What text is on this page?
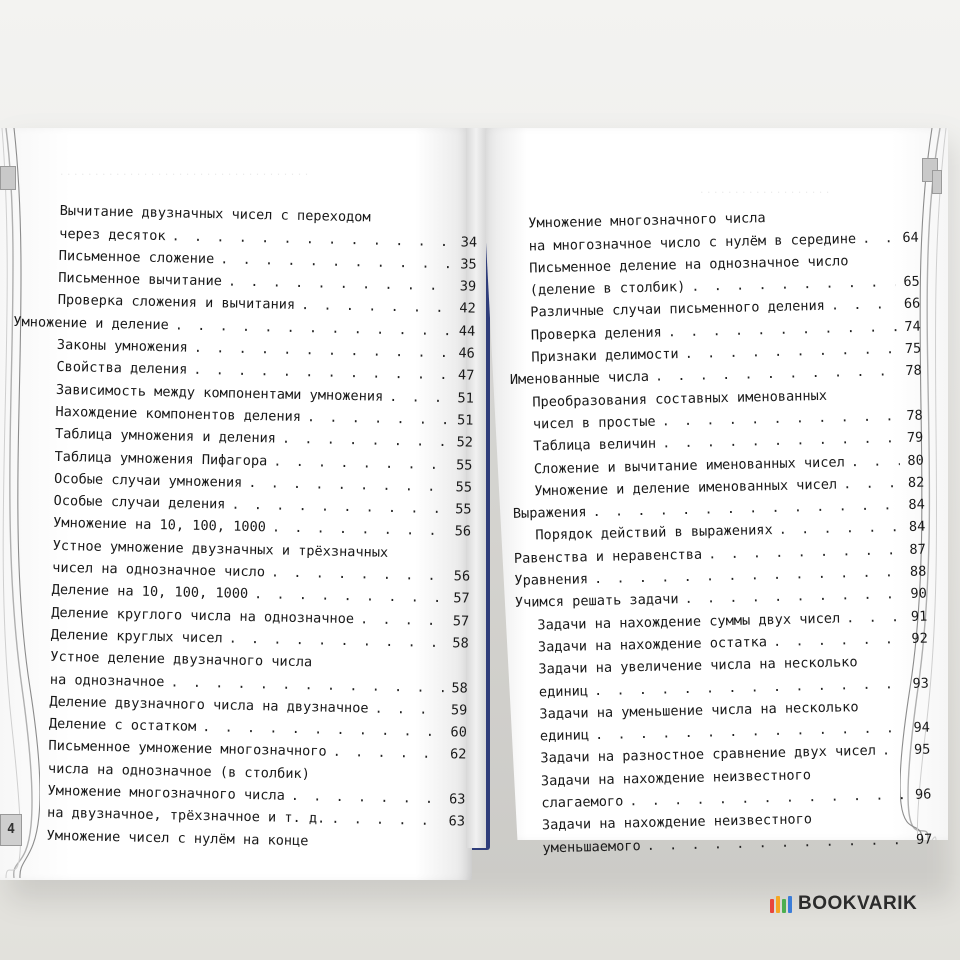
· · · · · · · · · · · · · · · · · · · · · · · · · · · · · · · · · · · ·
· · · · · · · · · · · · · · · · · · ·
4
Вычитание двузначных чисел с переходом
через десяток . . .	34
Письменное сложение . . .	35
Письменное вычитание . . .	39
Проверка сложения и вычитания . . .	42
Умножение и деление . . .	44
Законы умножения . . .	46
Свойства деления . . .	47
Зависимость между компонентами умножения . . .	51
Нахождение компонентов деления . . .	51
Таблица умножения и деления . . .	52
Таблица умножения Пифагора . . .	55
Особые случаи умножения . . .	55
Особые случаи деления . . .	55
Умножение на 10, 100, 1000 . . .	56
Устное умножение двузначных и трёхзначных
чисел на однозначное число . . .	56
Деление на 10, 100, 1000 . . .	57
Деление круглого числа на однозначное . . .	57
Деление круглых чисел . . .	58
Устное деление двузначного числа
на однозначное . . .	58
Деление двузначного числа на двузначное . . .	59
Деление с остатком . . .	60
Письменное умножение многозначного . . .	62
числа на однозначное (в столбик)
Умножение многозначного числа . . .	63
на двузначное, трёхзначное и т. д. . . .	63
Умножение чисел с нулём на конце
Умножение многозначного числа
на многозначное число с нулём в середине . . .	64
Письменное деление на однозначное число
(деление в столбик) . . .	65
Различные случаи письменного деления . . .	66
Проверка деления . . .	74
Признаки делимости . . .	75
Именованные числа . . .	78
Преобразования составных именованных
чисел в простые . . .	78
Таблица величин . . .	79
Сложение и вычитание именованных чисел . . .	80
Умножение и деление именованных чисел . . .	82
Выражения . . .	84
Порядок действий в выражениях . . .	84
Равенства и неравенства . . .	87
Уравнения . . .	88
Учимся решать задачи . . .	90
Задачи на нахождение суммы двух чисел . . .	91
Задачи на нахождение остатка . . .	92
Задачи на увеличение числа на несколько
единиц . . .	93
Задачи на уменьшение числа на несколько
единиц . . .	94
Задачи на разностное сравнение двух чисел . . .	95
Задачи на нахождение неизвестного
слагаемого . . .	96
Задачи на нахождение неизвестного
уменьшаемого . . .	97
BOOKVARIK
